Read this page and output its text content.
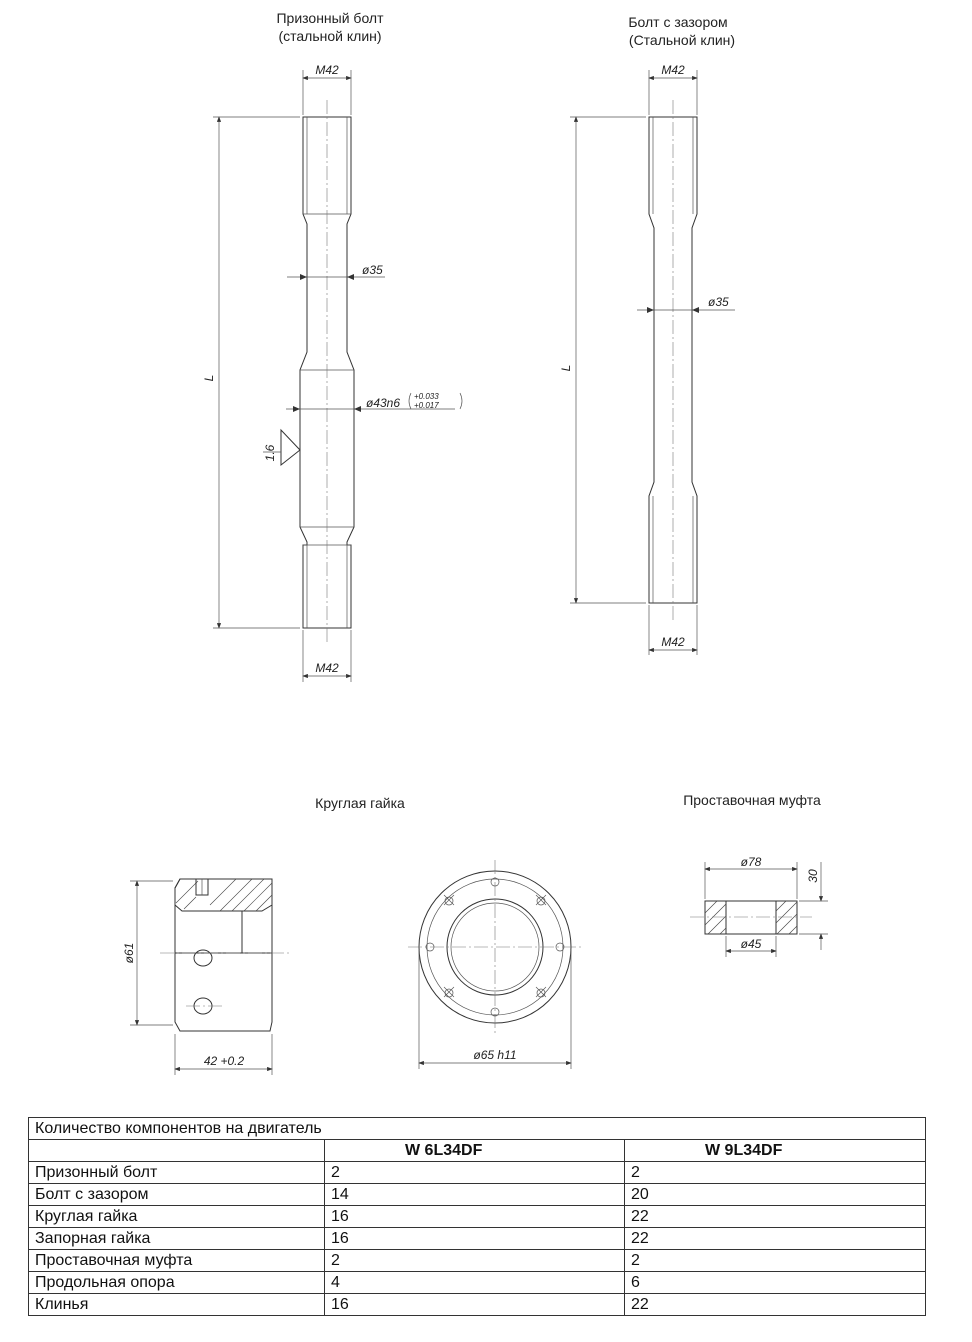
Призонный болт
(стальной клин)
M42
M42
L
ø35
ø43n6 +0.033
+0.017
1.6
Болт с зазором
(Стальной клин)
M42
M42
L
ø35
Круглая гайка
ø61
42 +0.2	ø65 h11
Проставочная муфта
ø78
ø45
30
Количество компонентов на двигатель		
	W 6L34DF	W 9L34DF
Призонный болт	2	2
Болт с зазором	14	20
Круглая гайка	16	22
Запорная гайка	16	22
Проставочная муфта	2	2
Продольная опора	4	6
Клинья	16	22
